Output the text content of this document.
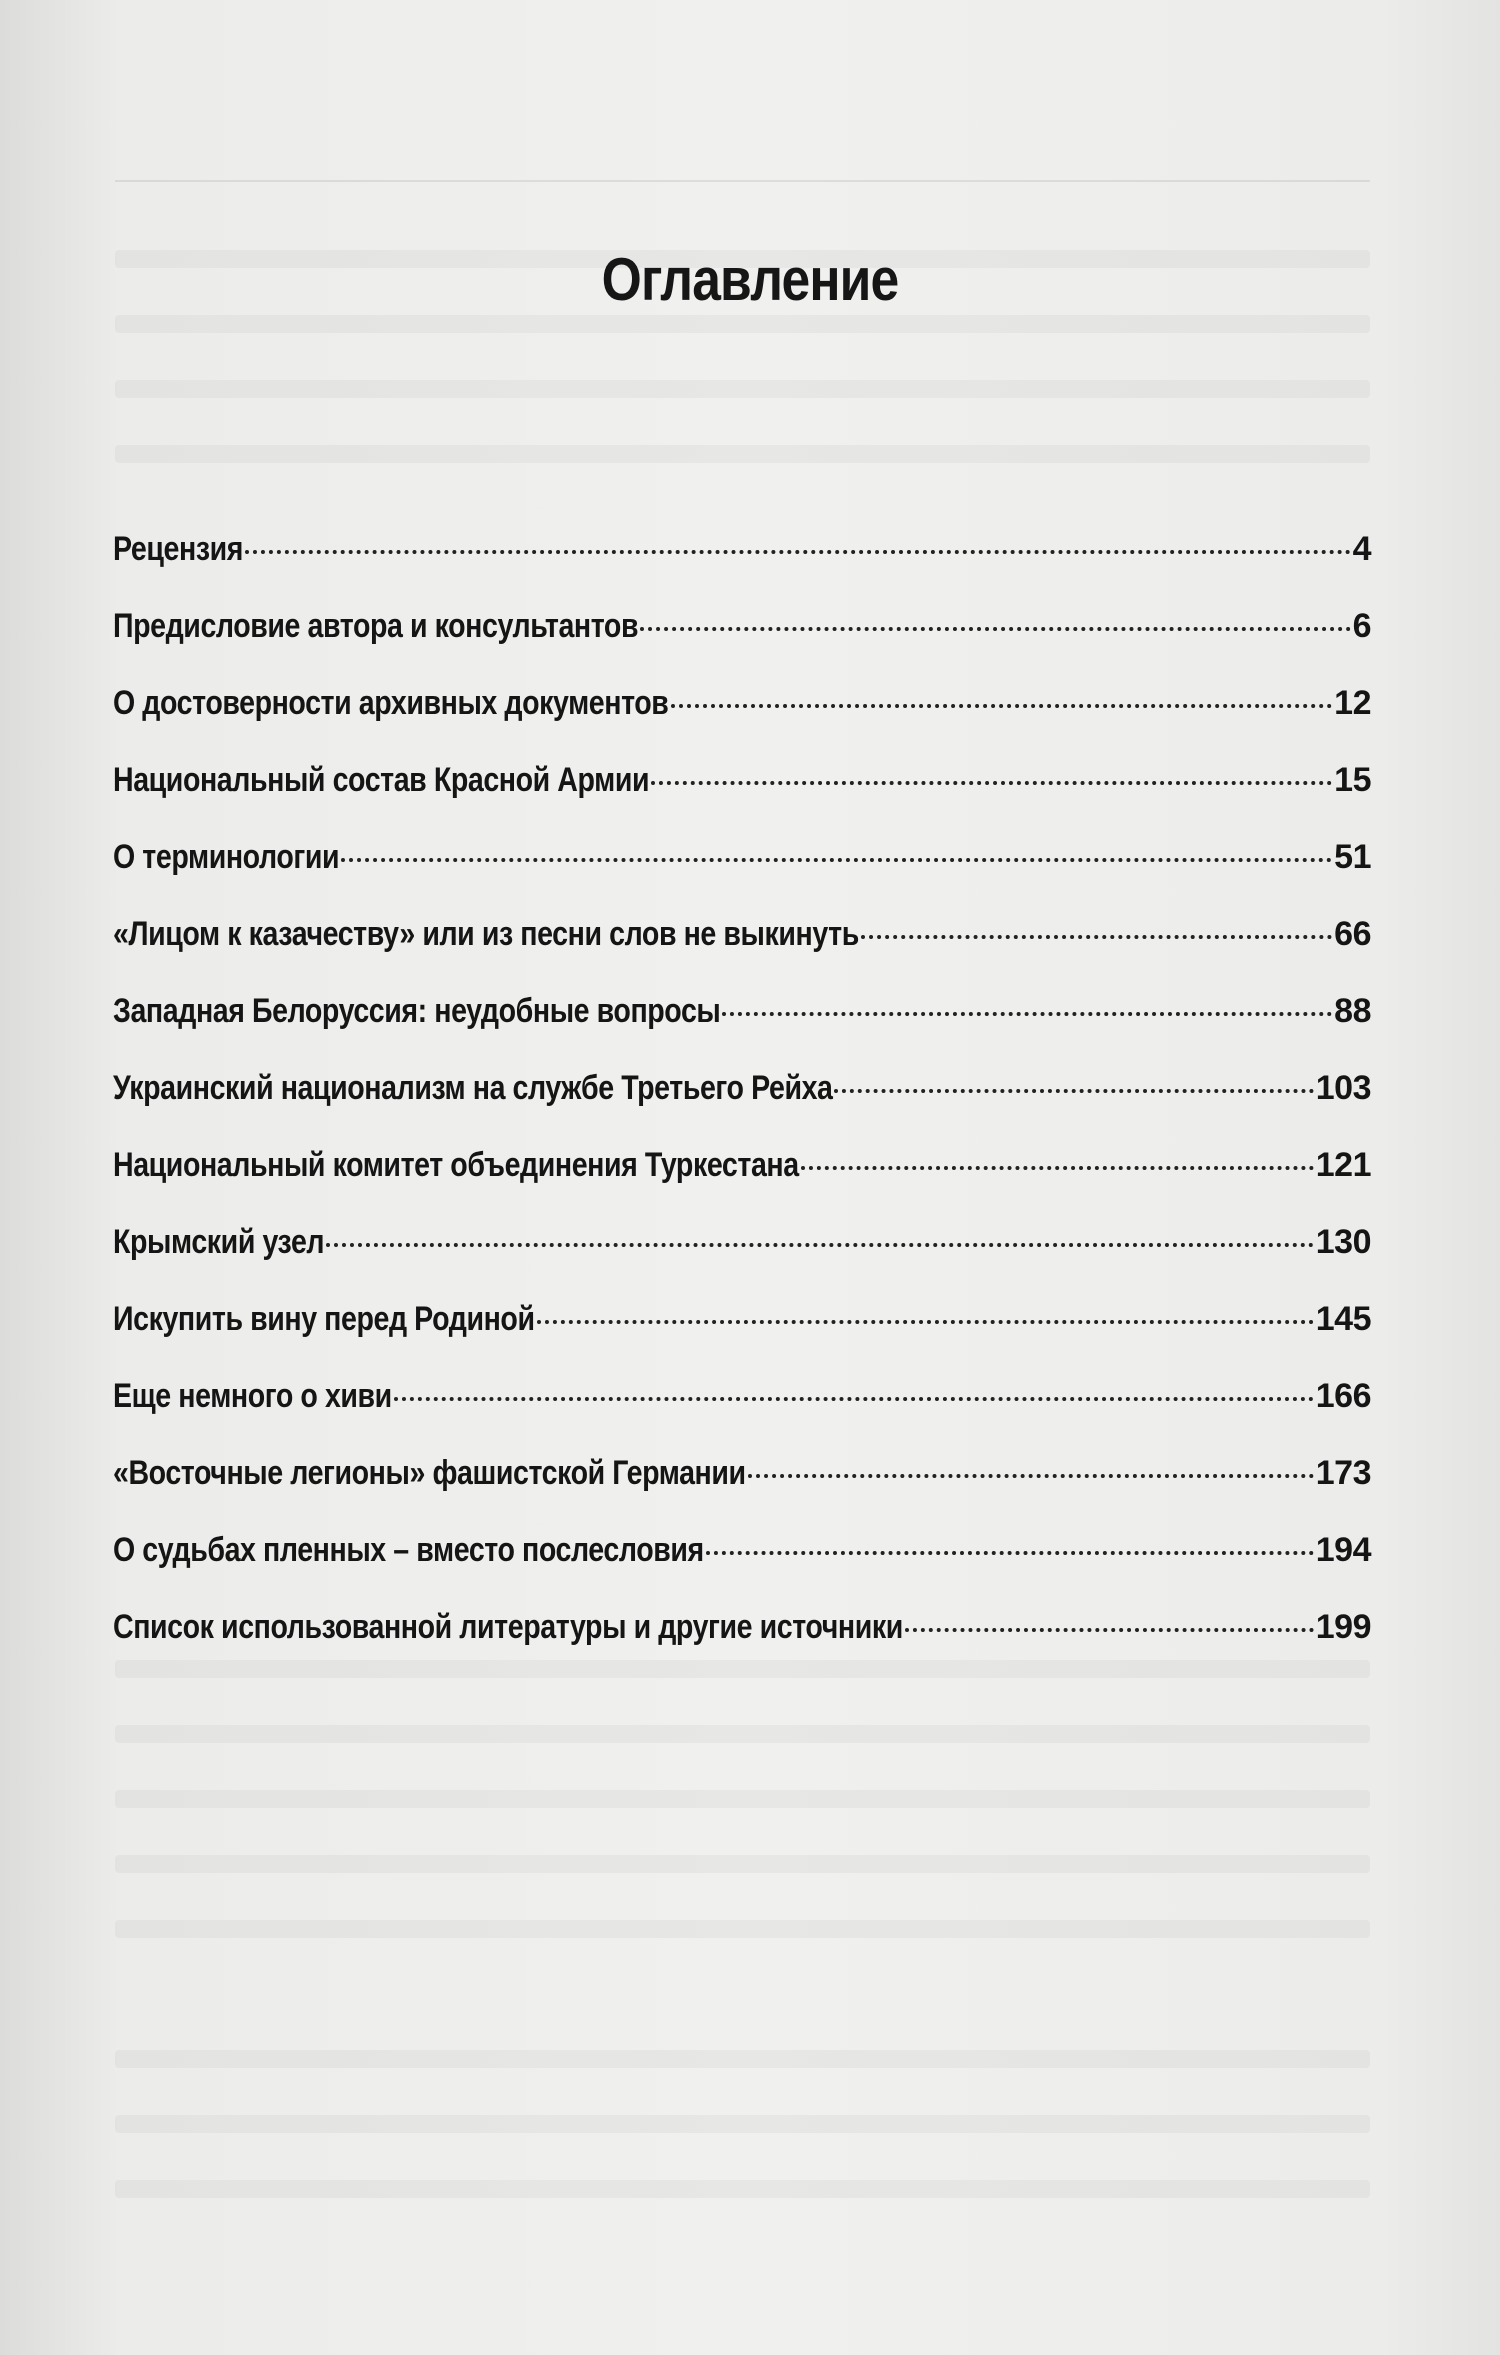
Оглавление
Рецензия	4
Предисловие автора и консультантов	6
О достоверности архивных документов	12
Национальный состав Красной Армии	15
О терминологии	51
«Лицом к казачеству» или из песни слов не выкинуть	66
Западная Белоруссия: неудобные вопросы	88
Украинский национализм на службе Третьего Рейха	103
Национальный комитет объединения Туркестана	121
Крымский узел	130
Искупить вину перед Родиной	145
Еще немного о хиви	166
«Восточные легионы» фашистской Германии	173
О судьбах пленных – вместо послесловия	194
Список использованной литературы и другие источники	199
